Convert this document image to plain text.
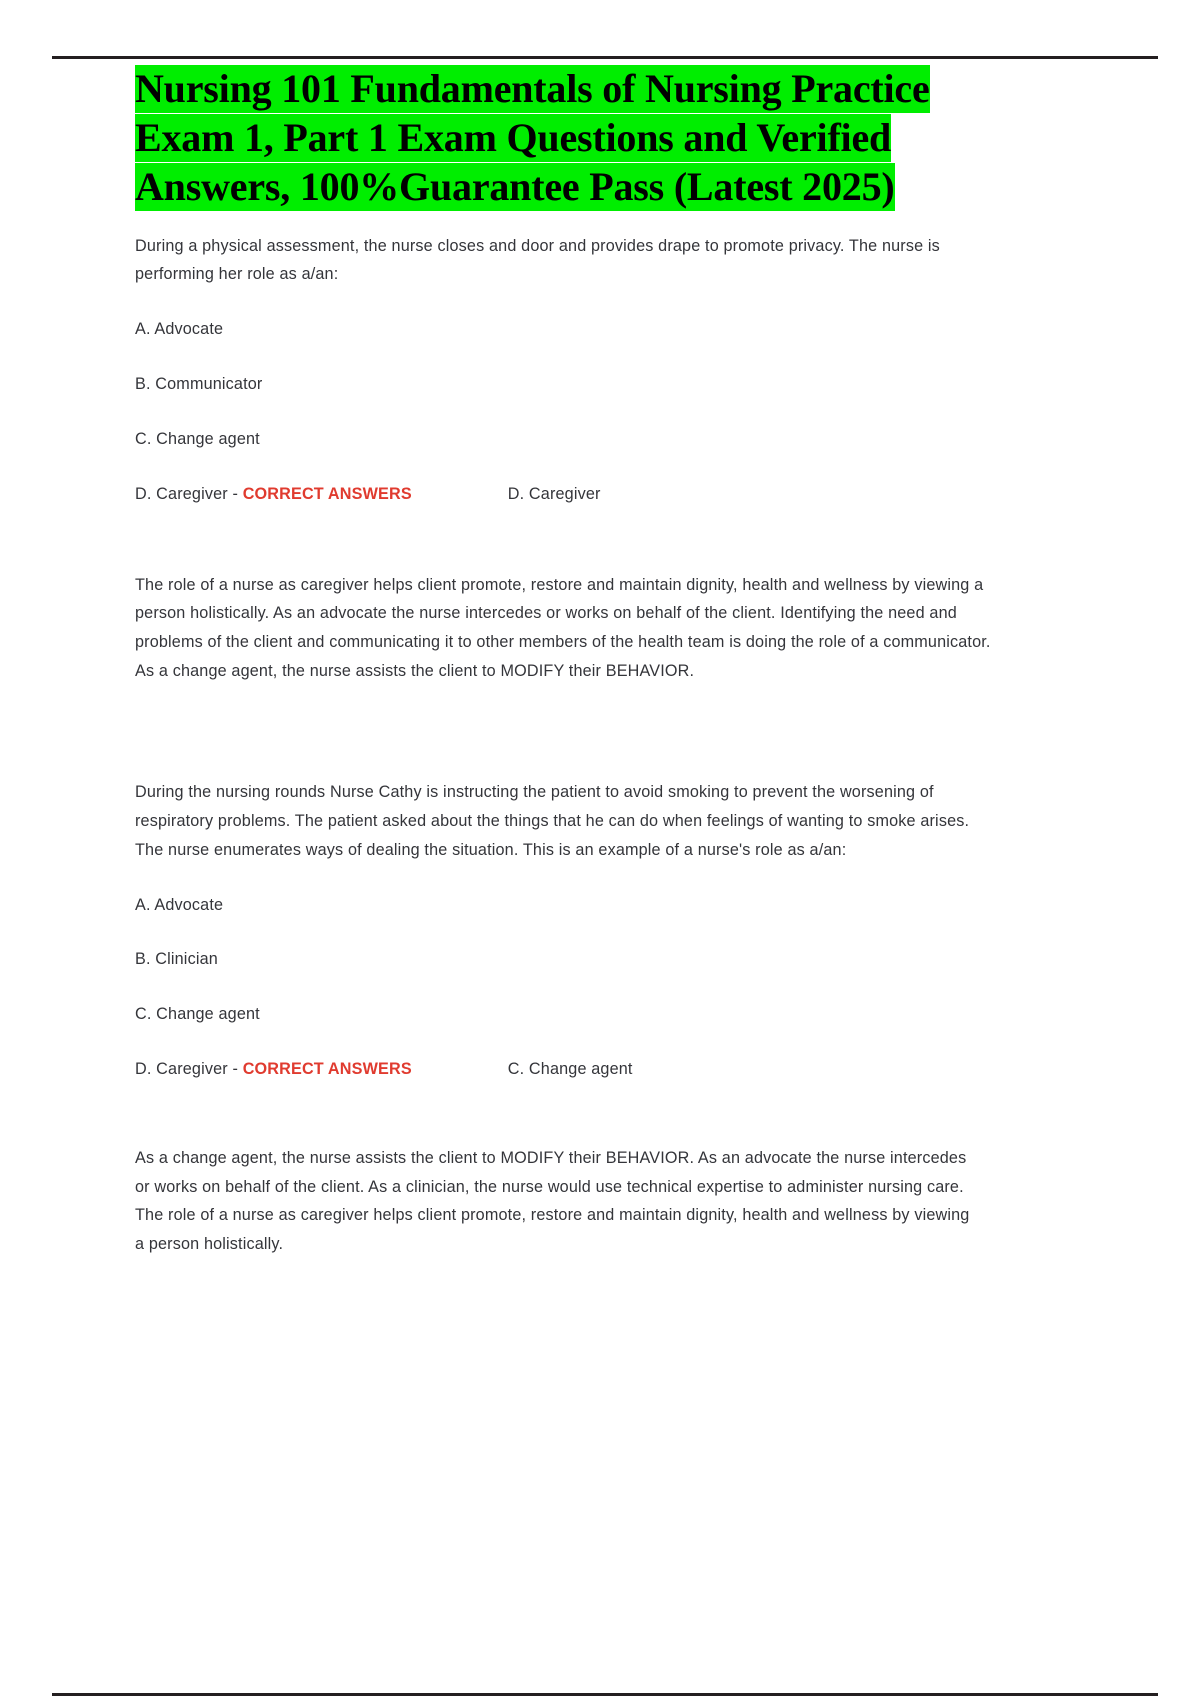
Nursing 101 Fundamentals of Nursing Practice
Exam 1, Part 1 Exam Questions and Verified
Answers, 100%Guarantee Pass (Latest 2025)

During a physical assessment, the nurse closes and door and provides drape to promote privacy. The nurse is performing her role as a/an:

A. Advocate
B. Communicator
C. Change agent
D. Caregiver - CORRECT ANSWERS				D. Caregiver

The role of a nurse as caregiver helps client promote, restore and maintain dignity, health and wellness by viewing a person holistically. As an advocate the nurse intercedes or works on behalf of the client. Identifying the need and problems of the client and communicating it to other members of the health team is doing the role of a communicator. As a change agent, the nurse assists the client to MODIFY their BEHAVIOR.

During the nursing rounds Nurse Cathy is instructing the patient to avoid smoking to prevent the worsening of respiratory problems. The patient asked about the things that he can do when feelings of wanting to smoke arises. The nurse enumerates ways of dealing the situation. This is an example of a nurse's role as a/an:

A. Advocate
B. Clinician
C. Change agent
D. Caregiver - CORRECT ANSWERS				C. Change agent

As a change agent, the nurse assists the client to MODIFY their BEHAVIOR. As an advocate the nurse intercedes or works on behalf of the client. As a clinician, the nurse would use technical expertise to administer nursing care. The role of a nurse as caregiver helps client promote, restore and maintain dignity, health and wellness by viewing a person holistically.
